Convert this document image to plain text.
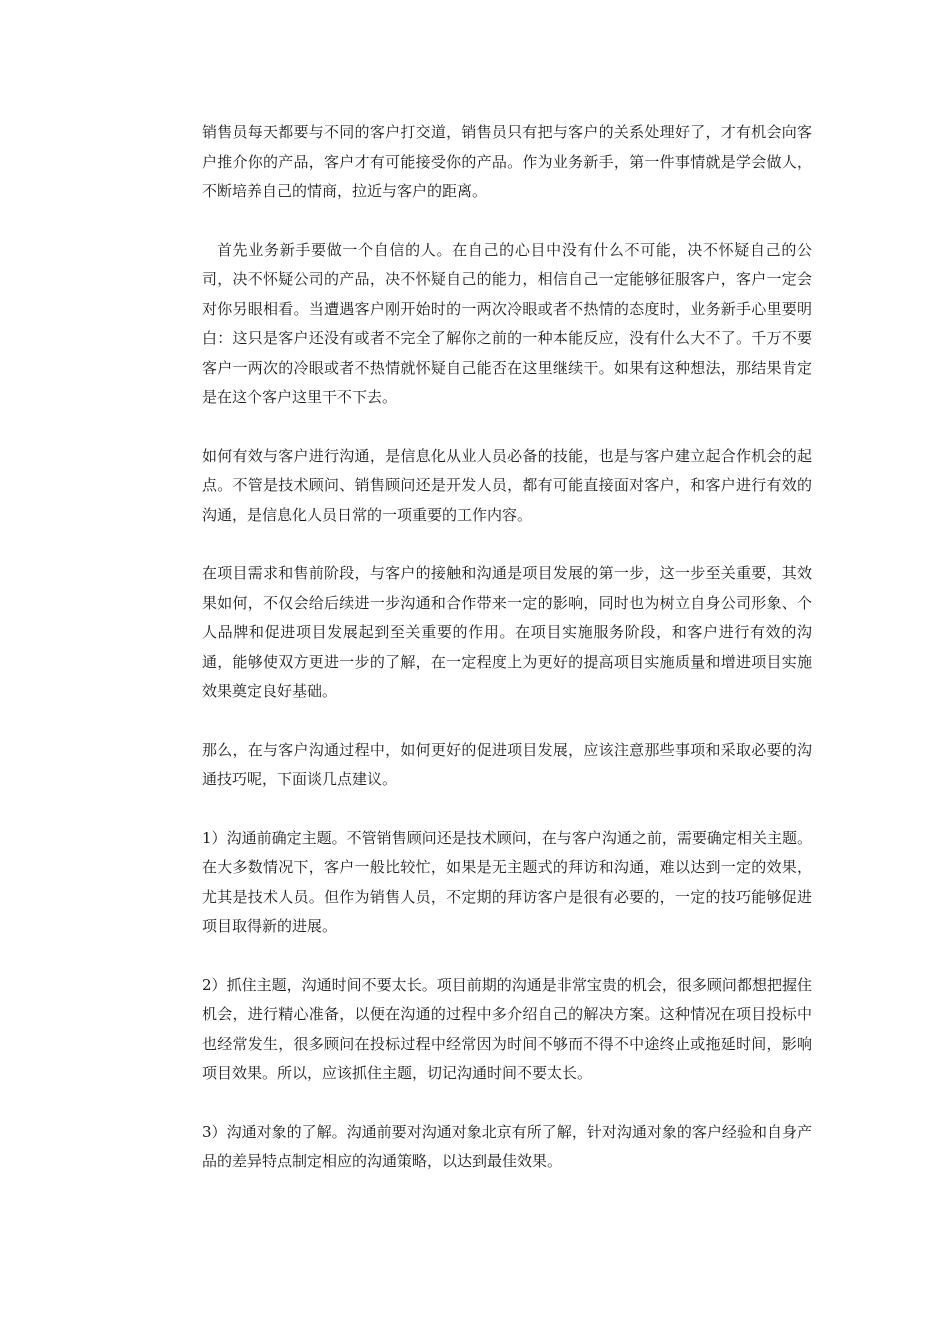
销售员每天都要与不同的客户打交道，销售员只有把与客户的关系处理好了，才有机会向客户推介你的产品，客户才有可能接受你的产品。作为业务新手，第一件事情就是学会做人，不断培养自己的情商，拉近与客户的距离。

首先业务新手要做一个自信的人。在自己的心目中没有什么不可能，决不怀疑自己的公司，决不怀疑公司的产品，决不怀疑自己的能力，相信自己一定能够征服客户，客户一定会对你另眼相看。当遭遇客户刚开始时的一两次冷眼或者不热情的态度时，业务新手心里要明白：这只是客户还没有或者不完全了解你之前的一种本能反应，没有什么大不了。千万不要客户一两次的冷眼或者不热情就怀疑自己能否在这里继续干。如果有这种想法，那结果肯定是在这个客户这里干不下去。

如何有效与客户进行沟通，是信息化从业人员必备的技能，也是与客户建立起合作机会的起点。不管是技术顾问、销售顾问还是开发人员，都有可能直接面对客户，和客户进行有效的沟通，是信息化人员日常的一项重要的工作内容。

在项目需求和售前阶段，与客户的接触和沟通是项目发展的第一步，这一步至关重要，其效果如何，不仅会给后续进一步沟通和合作带来一定的影响，同时也为树立自身公司形象、个人品牌和促进项目发展起到至关重要的作用。在项目实施服务阶段，和客户进行有效的沟通，能够使双方更进一步的了解，在一定程度上为更好的提高项目实施质量和增进项目实施效果奠定良好基础。

那么，在与客户沟通过程中，如何更好的促进项目发展，应该注意那些事项和采取必要的沟通技巧呢，下面谈几点建议。

1）沟通前确定主题。不管销售顾问还是技术顾问，在与客户沟通之前，需要确定相关主题。在大多数情况下，客户一般比较忙，如果是无主题式的拜访和沟通，难以达到一定的效果，尤其是技术人员。但作为销售人员，不定期的拜访客户是很有必要的，一定的技巧能够促进项目取得新的进展。

2）抓住主题，沟通时间不要太长。项目前期的沟通是非常宝贵的机会，很多顾问都想把握住机会，进行精心准备，以便在沟通的过程中多介绍自己的解决方案。这种情况在项目投标中也经常发生，很多顾问在投标过程中经常因为时间不够而不得不中途终止或拖延时间，影响项目效果。所以，应该抓住主题，切记沟通时间不要太长。

3）沟通对象的了解。沟通前要对沟通对象北京有所了解，针对沟通对象的客户经验和自身产品的差异特点制定相应的沟通策略，以达到最佳效果。
